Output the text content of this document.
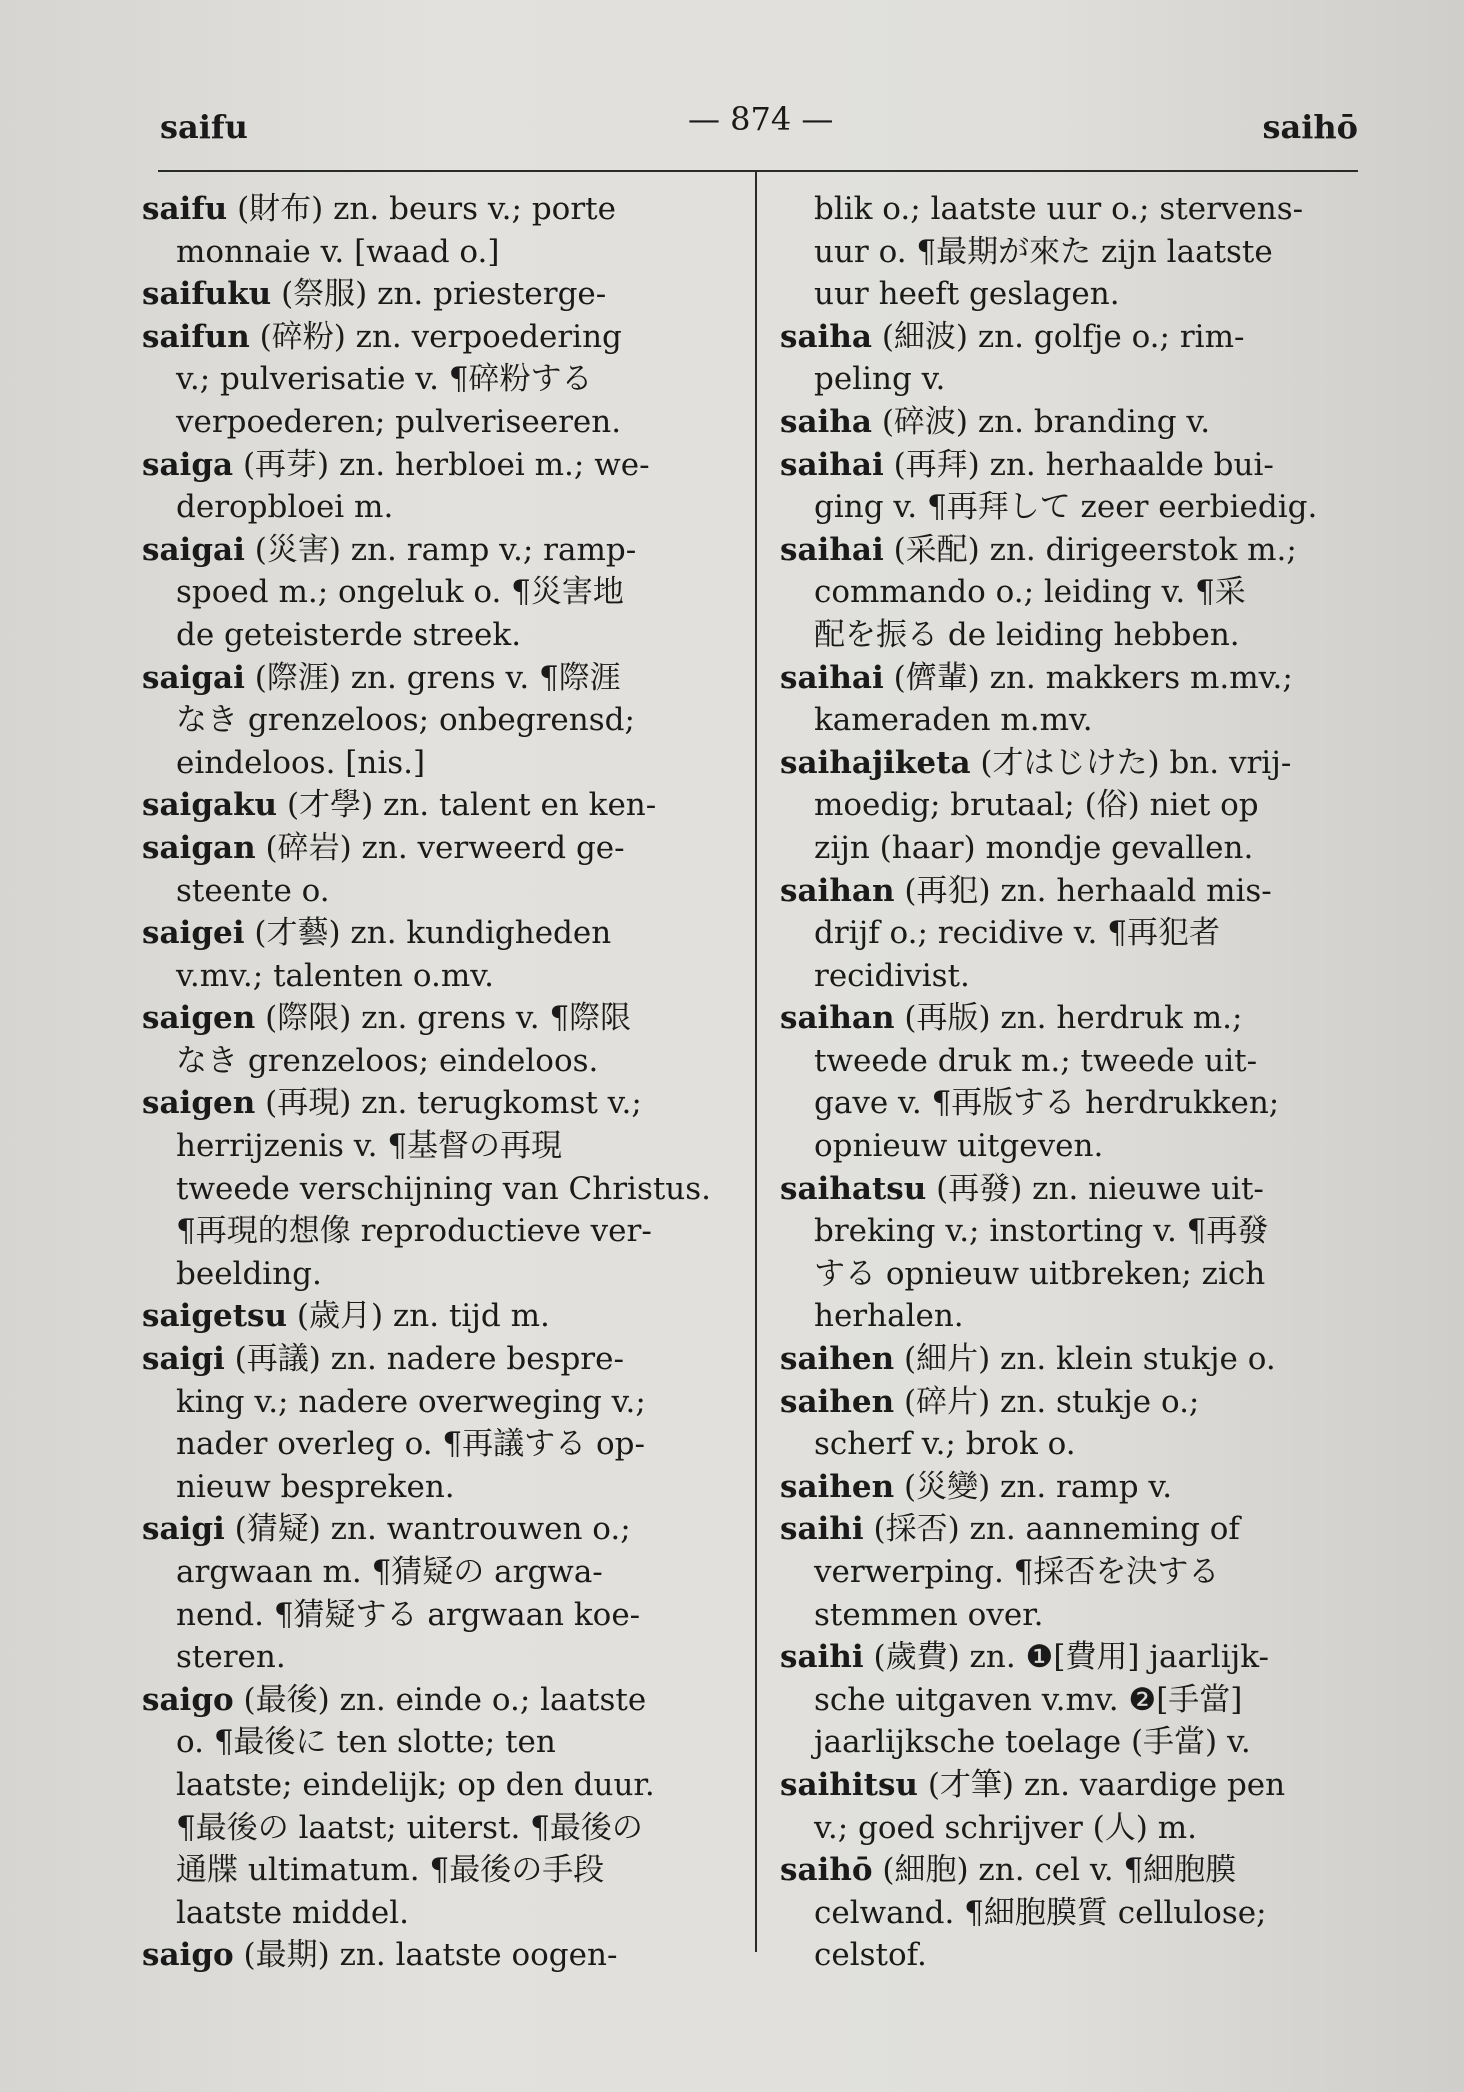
saifu	— 874 —	saihō
saifu (財布) zn. beurs v.; porte
monnaie v. [waad o.]
saifuku (祭服) zn. priesterge-
saifun (碎粉) zn. verpoedering
v.; pulverisatie v. ¶碎粉する
verpoederen; pulveriseeren.
saiga (再芽) zn. herbloei m.; we-
deropbloei m.
saigai (災害) zn. ramp v.; ramp-
spoed m.; ongeluk o. ¶災害地
de geteisterde streek.
saigai (際涯) zn. grens v. ¶際涯
なき grenzeloos; onbegrensd;
eindeloos. [nis.]
saigaku (才學) zn. talent en ken-
saigan (碎岩) zn. verweerd ge-
steente o.
saigei (才藝) zn. kundigheden
v.mv.; talenten o.mv.
saigen (際限) zn. grens v. ¶際限
なき grenzeloos; eindeloos.
saigen (再現) zn. terugkomst v.;
herrijzenis v. ¶基督の再現
tweede verschijning van Christus.
¶再現的想像 reproductieve ver-
beelding.
saigetsu (歳月) zn. tijd m.
saigi (再議) zn. nadere bespre-
king v.; nadere overweging v.;
nader overleg o. ¶再議する op-
nieuw bespreken.
saigi (猜疑) zn. wantrouwen o.;
argwaan m. ¶猜疑の argwa-
nend. ¶猜疑する argwaan koe-
steren.
saigo (最後) zn. einde o.; laatste
o. ¶最後に ten slotte; ten
laatste; eindelijk; op den duur.
¶最後の laatst; uiterst. ¶最後の
通牒 ultimatum. ¶最後の手段
laatste middel.
saigo (最期) zn. laatste oogen-
blik o.; laatste uur o.; stervens-
uur o. ¶最期が來た zijn laatste
uur heeft geslagen.
saiha (細波) zn. golfje o.; rim-
peling v.
saiha (碎波) zn. branding v.
saihai (再拜) zn. herhaalde bui-
ging v. ¶再拜して zeer eerbiedig.
saihai (采配) zn. dirigeerstok m.;
commando o.; leiding v. ¶采
配を振る de leiding hebben.
saihai (儕輩) zn. makkers m.mv.;
kameraden m.mv.
saihajiketa (才はじけた) bn. vrij-
moedig; brutaal; (俗) niet op
zijn (haar) mondje gevallen.
saihan (再犯) zn. herhaald mis-
drijf o.; recidive v. ¶再犯者
recidivist.
saihan (再版) zn. herdruk m.;
tweede druk m.; tweede uit-
gave v. ¶再版する herdrukken;
opnieuw uitgeven.
saihatsu (再發) zn. nieuwe uit-
breking v.; instorting v. ¶再發
する opnieuw uitbreken; zich
herhalen.
saihen (細片) zn. klein stukje o.
saihen (碎片) zn. stukje o.;
scherf v.; brok o.
saihen (災變) zn. ramp v.
saihi (採否) zn. aanneming of
verwerping. ¶採否を決する
stemmen over.
saihi (歲費) zn. ❶[費用] jaarlijk-
sche uitgaven v.mv. ❷[手當]
jaarlijksche toelage (手當) v.
saihitsu (才筆) zn. vaardige pen
v.; goed schrijver (人) m.
saihō (細胞) zn. cel v. ¶細胞膜
celwand. ¶細胞膜質 cellulose;
celstof.
